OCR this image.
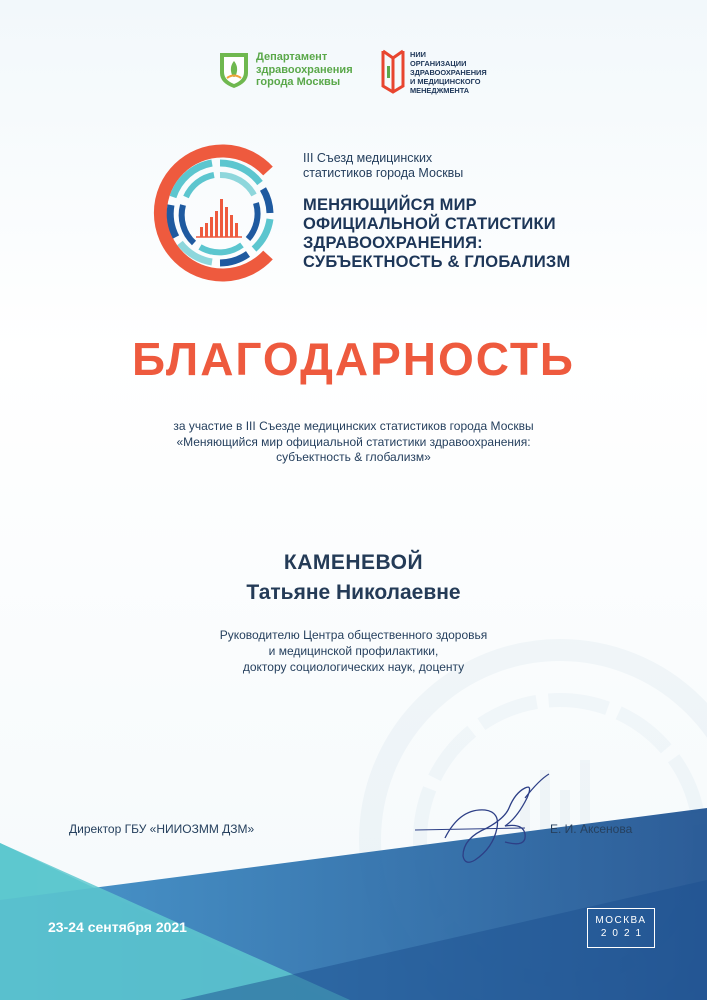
Департамент
здравоохранения
города Москвы
НИИ
ОРГАНИЗАЦИИ
ЗДРАВООХРАНЕНИЯ
И МЕДИЦИНСКОГО
МЕНЕДЖМЕНТА
III Съезд медицинских
статистиков города Москвы
МЕНЯЮЩИЙСЯ МИР
ОФИЦИАЛЬНОЙ СТАТИСТИКИ
ЗДРАВООХРАНЕНИЯ:
СУБЪЕКТНОСТЬ & ГЛОБАЛИЗМ
БЛАГОДАРНОСТЬ
за участие в III Съезде медицинских статистиков города Москвы
«Меняющийся мир официальной статистики здравоохранения:
субъектность & глобализм»
КАМЕНЕВОЙ
Татьяне Николаевне
Руководителю Центра общественного здоровья
и медицинской профилактики,
доктору социологических наук, доценту
Директор ГБУ «НИИОЗММ ДЗМ»	Е. И. Аксенова
23-24 сентября 2021	МОСКВА
2021
